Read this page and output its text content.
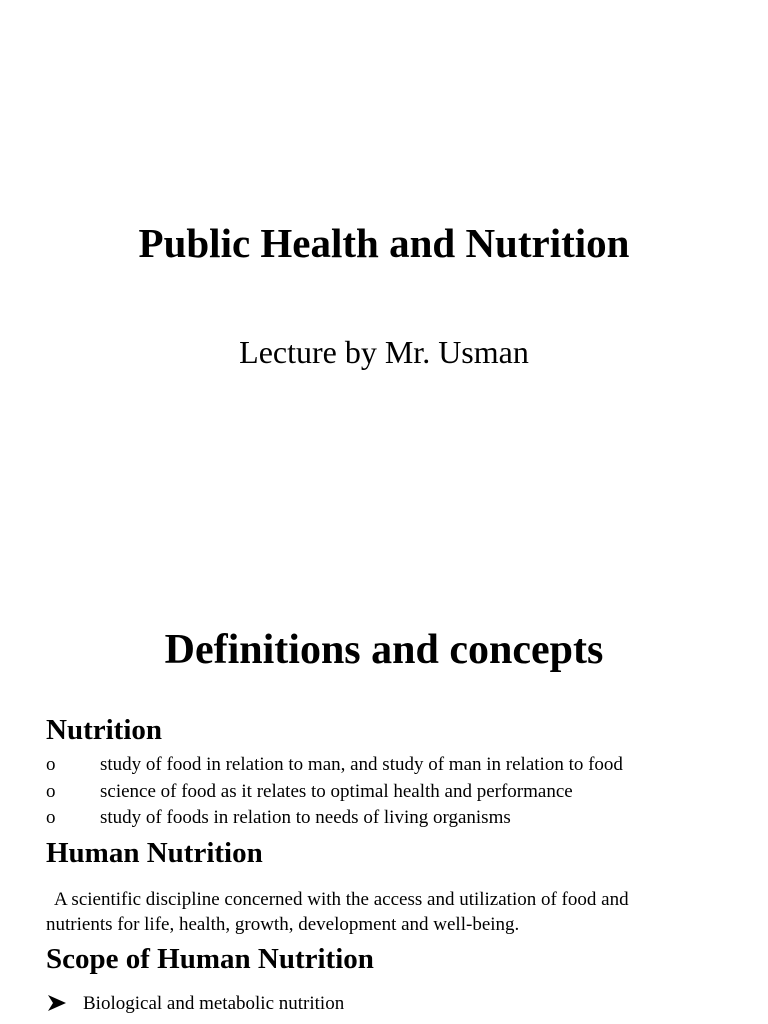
Public Health and Nutrition
Lecture by Mr. Usman
Definitions and concepts
Nutrition
o study of food in relation to man, and study of man in relation to food
o science of food as it relates to optimal health and performance
o study of foods in relation to needs of living organisms
Human Nutrition
A scientific discipline concerned with the access and utilization of food and
nutrients for life, health, growth, development and well-being.
Scope of Human Nutrition
Biological and metabolic nutrition
